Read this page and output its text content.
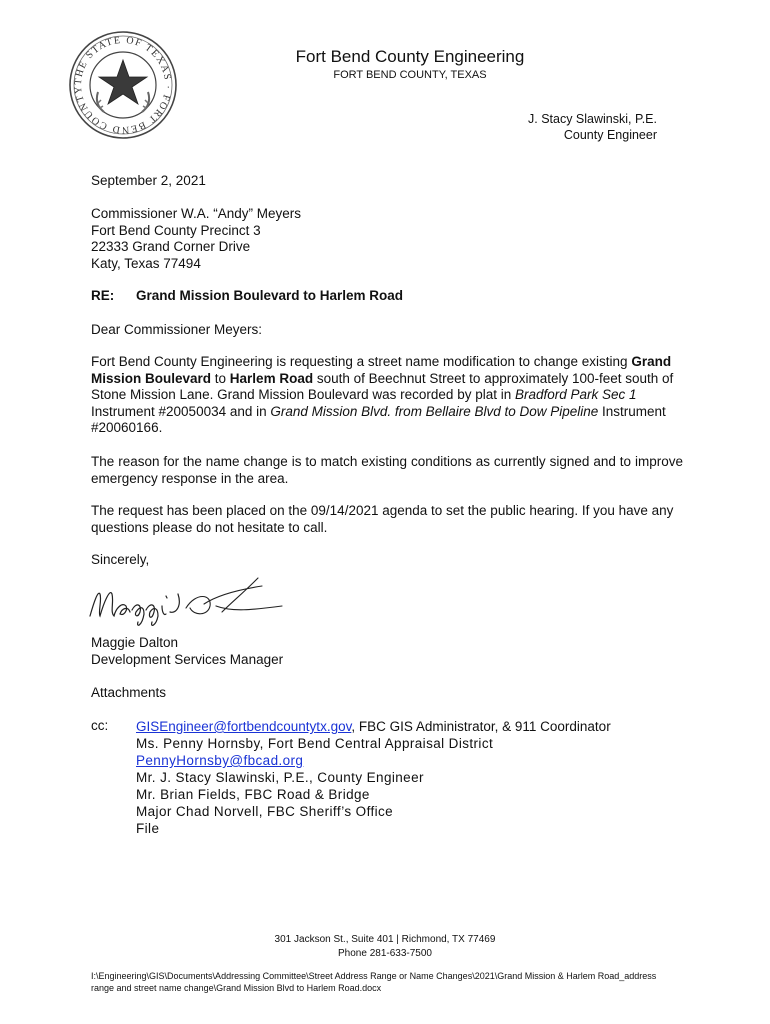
THE STATE OF TEXAS · FORT BEND COUNTY
Fort Bend County Engineering
FORT BEND COUNTY, TEXAS
J. Stacy Slawinski, P.E.
County Engineer
September 2, 2021
Commissioner W.A. “Andy” Meyers
Fort Bend County Precinct 3
22333 Grand Corner Drive
Katy, Texas 77494
RE: Grand Mission Boulevard to Harlem Road
Dear Commissioner Meyers:
Fort Bend County Engineering is requesting a street name modification to change existing Grand Mission Boulevard to Harlem Road south of Beechnut Street to approximately 100-feet south of Stone Mission Lane. Grand Mission Boulevard was recorded by plat in Bradford Park Sec 1 Instrument #20050034 and in Grand Mission Blvd. from Bellaire Blvd to Dow Pipeline Instrument #20060166.
The reason for the name change is to match existing conditions as currently signed and to improve emergency response in the area.
The request has been placed on the 09/14/2021 agenda to set the public hearing. If you have any questions please do not hesitate to call.
Sincerely,
Maggie Dalton
Development Services Manager
Attachments
cc: GISEngineer@fortbendcountytx.gov, FBC GIS Administrator, & 911 Coordinator
Ms. Penny Hornsby, Fort Bend Central Appraisal District
PennyHornsby@fbcad.org
Mr. J. Stacy Slawinski, P.E., County Engineer
Mr. Brian Fields, FBC Road & Bridge
Major Chad Norvell, FBC Sheriff’s Office
File
301 Jackson St., Suite 401 | Richmond, TX 77469
Phone 281-633-7500
I:\Engineering\GIS\Documents\Addressing Committee\Street Address Range or Name Changes\2021\Grand Mission & Harlem Road_address range and street name change\Grand Mission Blvd to Harlem Road.docx
